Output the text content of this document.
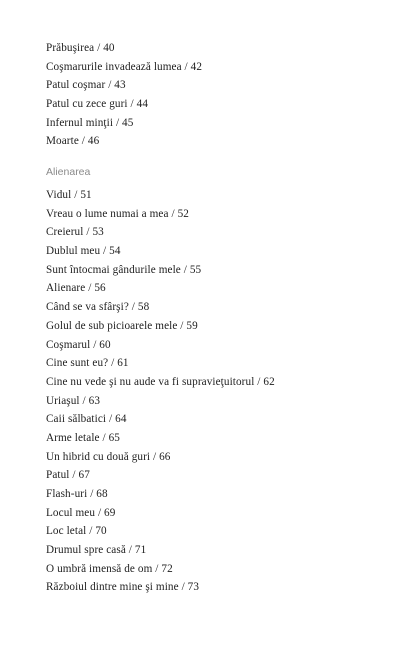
Prăbuşirea / 40
Coşmarurile invadează lumea / 42
Patul coşmar / 43
Patul cu zece guri / 44
Infernul minţii / 45
Moarte / 46
Alienarea
Vidul / 51
Vreau o lume numai a mea / 52
Creierul / 53
Dublul meu / 54
Sunt întocmai gândurile mele / 55
Alienare / 56
Când se va sfârşi? / 58
Golul de sub picioarele mele / 59
Coşmarul / 60
Cine sunt eu? / 61
Cine nu vede şi nu aude va fi supravieţuitorul / 62
Uriaşul / 63
Caii sălbatici / 64
Arme letale / 65
Un hibrid cu două guri / 66
Patul / 67
Flash-uri / 68
Locul meu / 69
Loc letal / 70
Drumul spre casă / 71
O umbră imensă de om / 72
Războiul dintre mine şi mine / 73
